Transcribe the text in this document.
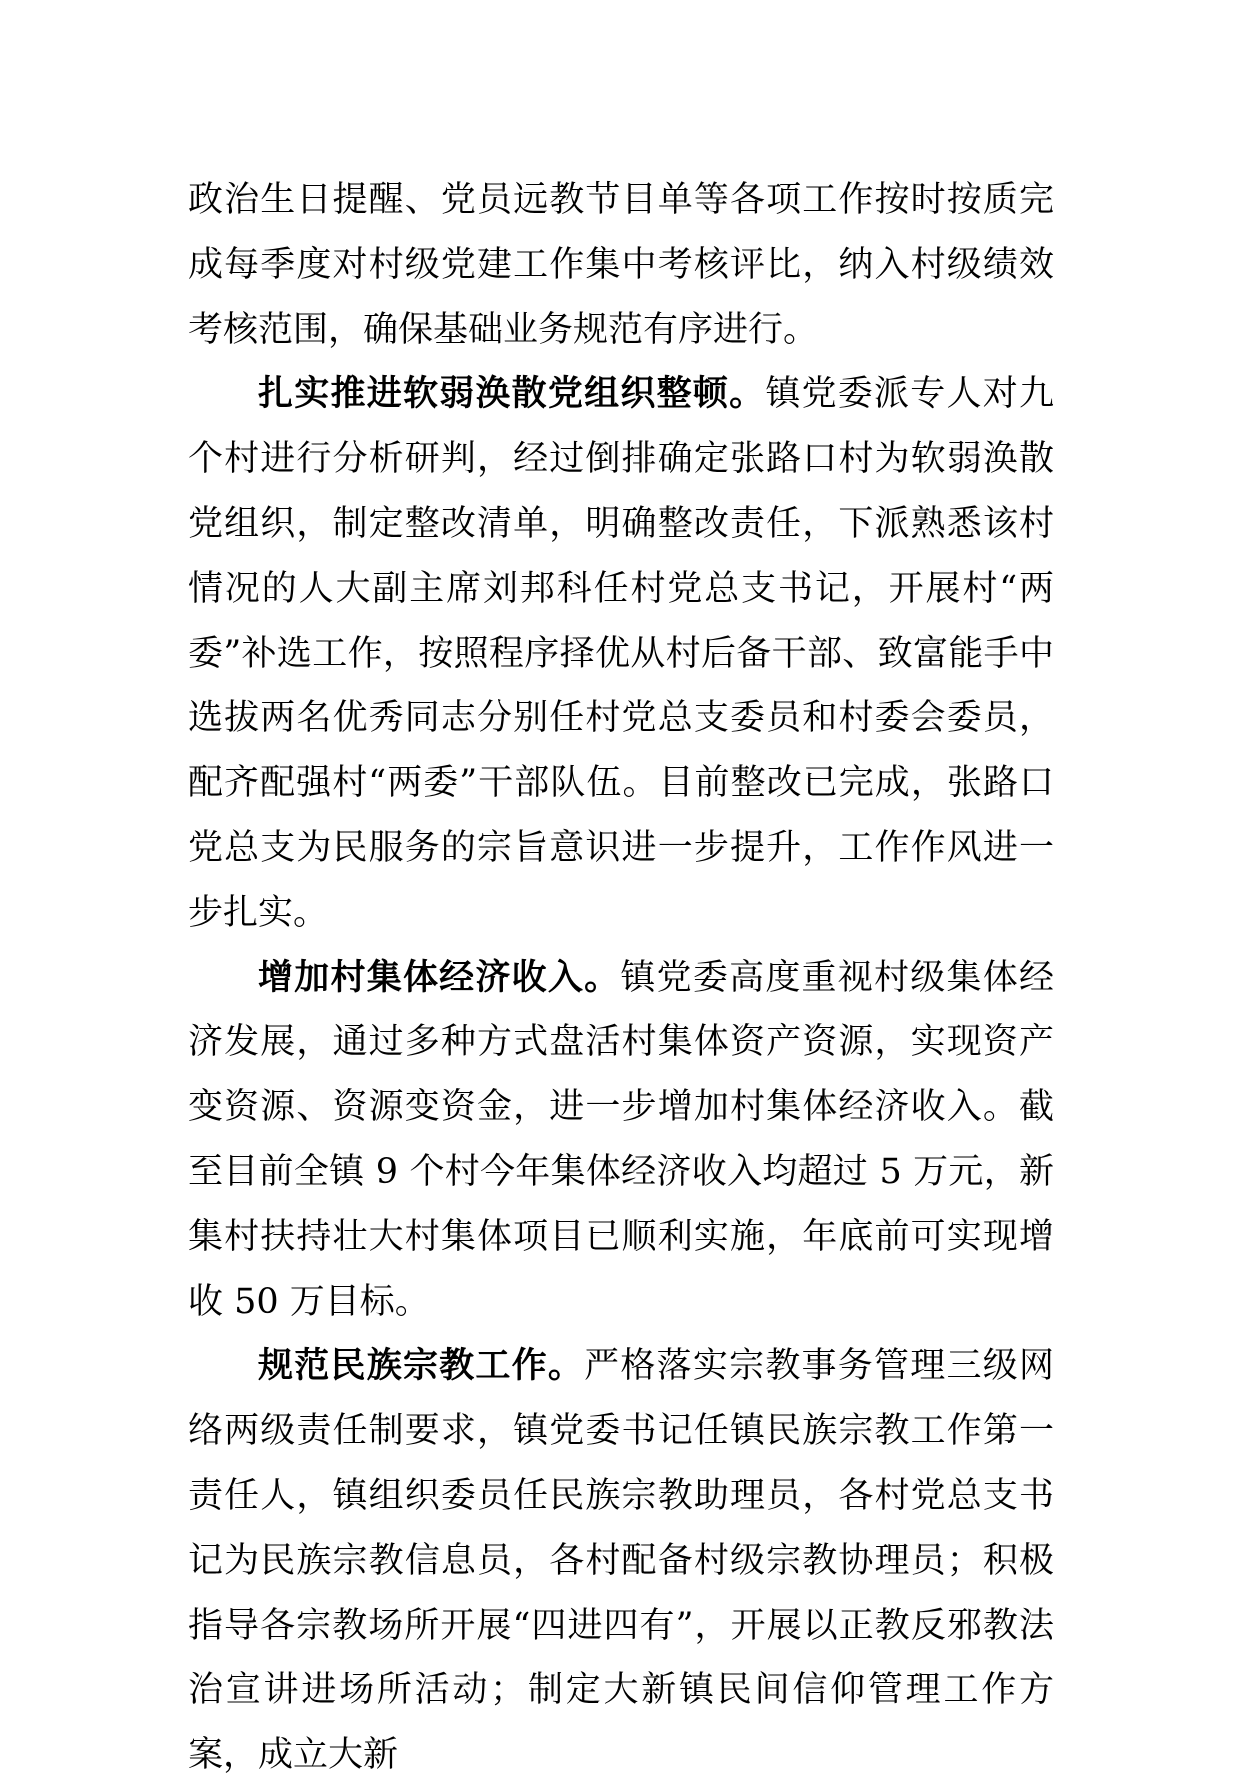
政治生日提醒、党员远教节目单等各项工作按时按质完成每季度对村级党建工作集中考核评比，纳入村级绩效考核范围，确保基础业务规范有序进行。

扎实推进软弱涣散党组织整顿。镇党委派专人对九个村进行分析研判，经过倒排确定张路口村为软弱涣散党组织，制定整改清单，明确整改责任，下派熟悉该村情况的人大副主席刘邦科任村党总支书记，开展村“两委”补选工作，按照程序择优从村后备干部、致富能手中选拔两名优秀同志分别任村党总支委员和村委会委员，配齐配强村“两委”干部队伍。目前整改已完成，张路口党总支为民服务的宗旨意识进一步提升，工作作风进一步扎实。

增加村集体经济收入。镇党委高度重视村级集体经济发展，通过多种方式盘活村集体资产资源，实现资产变资源、资源变资金，进一步增加村集体经济收入。截至目前全镇 9 个村今年集体经济收入均超过 5 万元，新集村扶持壮大村集体项目已顺利实施，年底前可实现增收 50 万目标。

规范民族宗教工作。严格落实宗教事务管理三级网络两级责任制要求，镇党委书记任镇民族宗教工作第一责任人，镇组织委员任民族宗教助理员，各村党总支书记为民族宗教信息员，各村配备村级宗教协理员；积极指导各宗教场所开展“四进四有”，开展以正教反邪教法治宣讲进场所活动；制定大新镇民间信仰管理工作方案，成立大新
